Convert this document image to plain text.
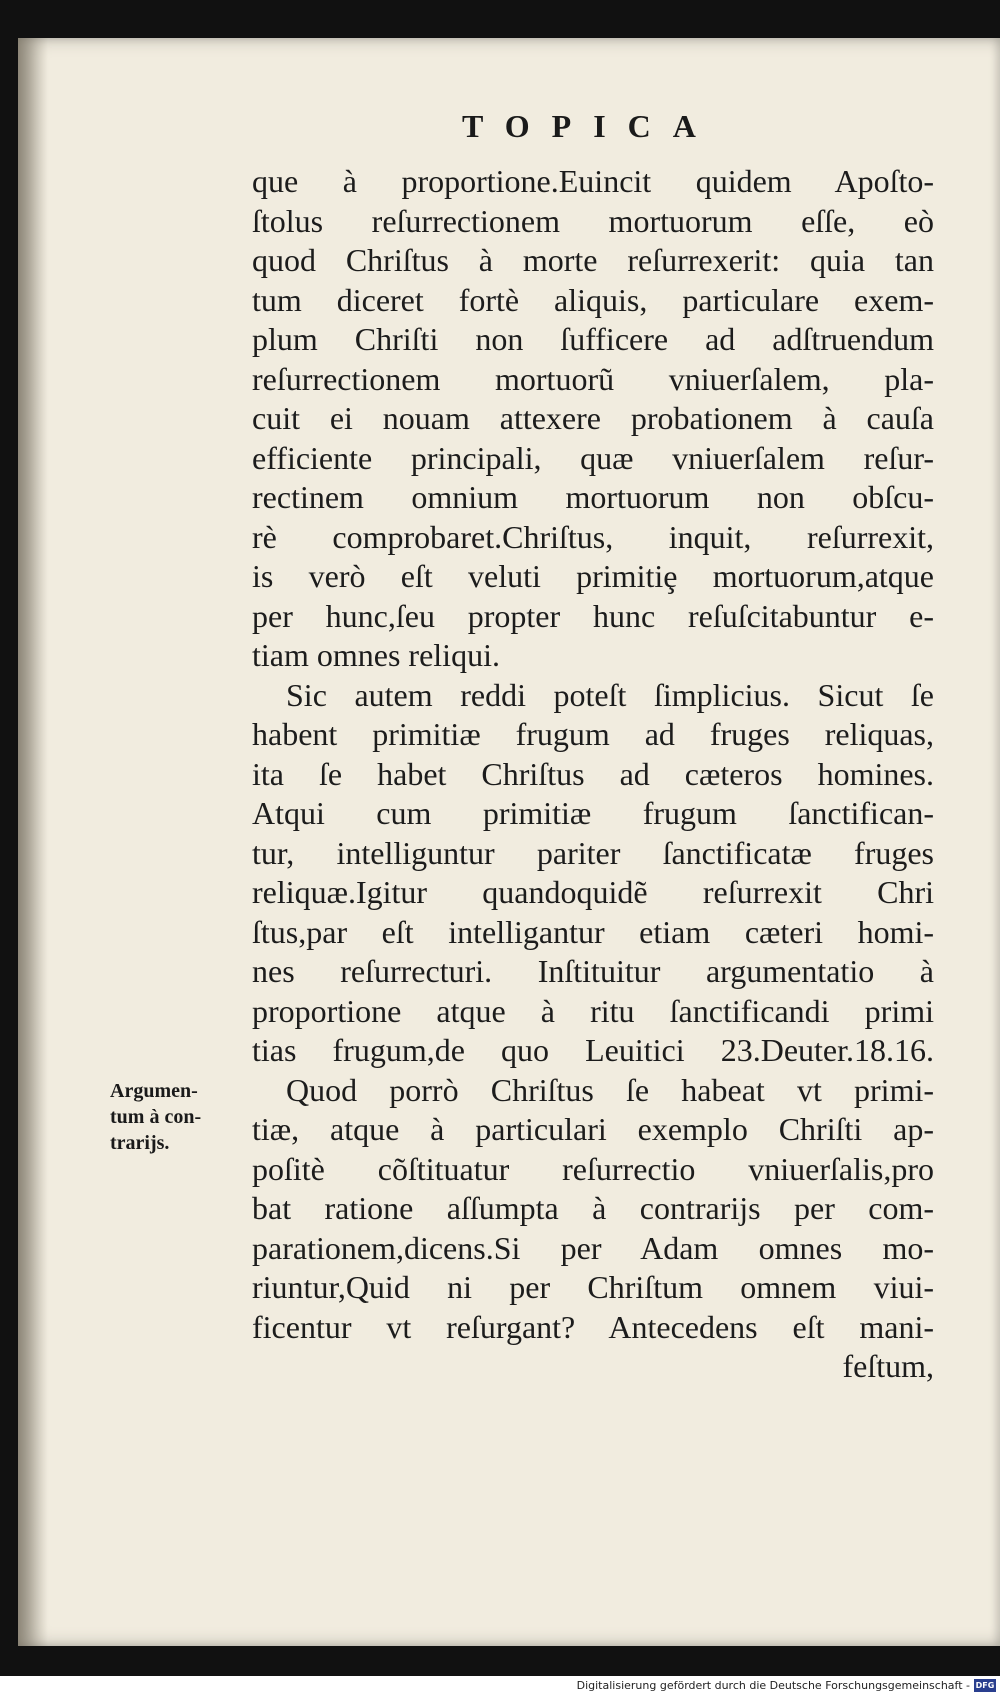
TOPICA
que à proportione.Euincit quidem Apoſto-
ſtolus reſurrectionem mortuorum eſſe, eò
quod Chriſtus à morte reſurrexerit: quia tan
tum diceret fortè aliquis, particulare exem-
plum Chriſti non ſufficere ad adſtruendum
reſurrectionem mortuorũ vniuerſalem, pla-
cuit ei nouam attexere probationem à cauſa
efficiente principali, quæ vniuerſalem reſur-
rectinem omnium mortuorum non obſcu-
rè comprobaret.Chriſtus, inquit, reſurrexit,
is verò eſt veluti primitiȩ mortuorum,atque
per hunc,ſeu propter hunc reſuſcitabuntur e-
tiam omnes reliqui.
Sic autem reddi poteſt ſimplicius. Sicut ſe
habent primitiæ frugum ad fruges reliquas,
ita ſe habet Chriſtus ad cæteros homines.
Atqui cum primitiæ frugum ſanctifican-
tur, intelliguntur pariter ſanctificatæ fruges
reliquæ.Igitur quandoquidẽ reſurrexit Chri
ſtus,par eſt intelligantur etiam cæteri homi-
nes reſurrecturi. Inſtituitur argumentatio à
proportione atque à ritu ſanctificandi primi
tias frugum,de quo Leuitici 23.Deuter.18.16.
Quod porrò Chriſtus ſe habeat vt primi-
tiæ, atque à particulari exemplo Chriſti ap-
poſitè cõſtituatur reſurrectio vniuerſalis,pro
bat ratione aſſumpta à contrarijs per com-
parationem,dicens.Si per Adam omnes mo-
riuntur,Quid ni per Chriſtum omnem viui-
ficentur vt reſurgant? Antecedens eſt mani-
feſtum,
Argumen-
tum à con-
trarijs.
Digitalisierung gefördert durch die Deutsche Forschungsgemeinschaft - DFG
